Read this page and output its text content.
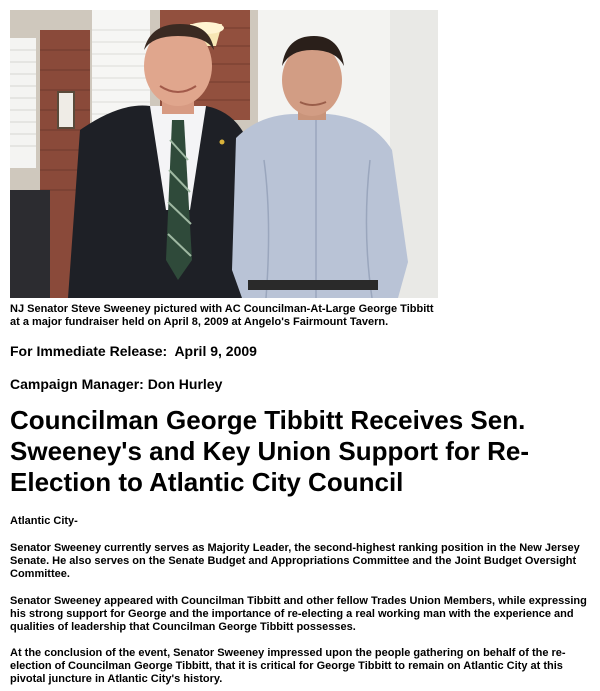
NJ Senator Steve Sweeney pictured with AC Councilman-At-Large George Tibbitt
at a major fundraiser held on April 8, 2009 at Angelo's Fairmount Tavern.
For Immediate Release: April 9, 2009
Campaign Manager: Don Hurley
Councilman George Tibbitt Receives Sen. Sweeney's and Key Union Support for Re-Election to Atlantic City Council

Atlantic City-

Senator Sweeney currently serves as Majority Leader, the second-highest ranking position in the New Jersey Senate. He also serves on the Senate Budget and Appropriations Committee and the Joint Budget Oversight Committee.

Senator Sweeney appeared with Councilman Tibbitt and other fellow Trades Union Members, while expressing his strong support for George and the importance of re-electing a real working man with the experience and qualities of leadership that Councilman George Tibbitt possesses.

At the conclusion of the event, Senator Sweeney impressed upon the people gathering on behalf of the re-election of Councilman George Tibbitt, that it is critical for George Tibbitt to remain on Atlantic City at this pivotal juncture in Atlantic City's history.
